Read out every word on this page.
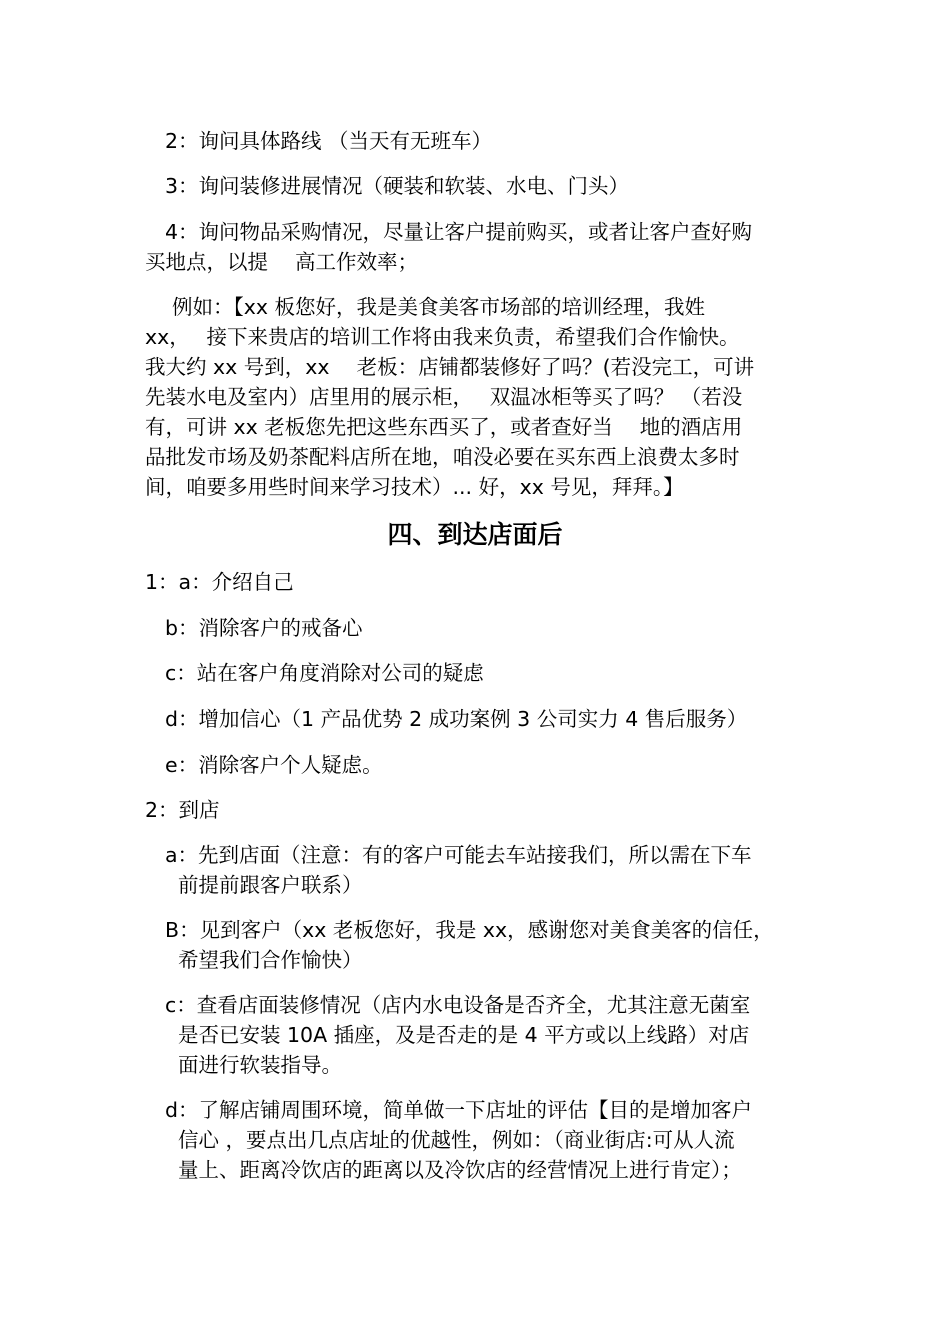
2：询问具体路线 （当天有无班车）

3：询问装修进展情况（硬装和软装、水电、门头）

4：询问物品采购情况，尽量让客户提前购买，或者让客户查好购

买地点，以提　 高工作效率；

例如：【xx 板您好，我是美食美客市场部的培训经理，我姓

xx，　 接下来贵店的培训工作将由我来负责，希望我们合作愉快。

我大约 xx 号到，xx　 老板：店铺都装修好了吗？(若没完工，可讲

先装水电及室内）店里用的展示柜，　 双温冰柜等买了吗？ （若没

有，可讲 xx 老板您先把这些东西买了，或者查好当　 地的酒店用

品批发市场及奶茶配料店所在地，咱没必要在买东西上浪费太多时

间，咱要多用些时间来学习技术）... 好，xx 号见，拜拜。】

四、到达店面后

1：a：介绍自己

b：消除客户的戒备心

c：站在客户角度消除对公司的疑虑

d：增加信心（1 产品优势 2 成功案例 3 公司实力 4 售后服务）

e：消除客户个人疑虑。

2：到店

a：先到店面（注意：有的客户可能去车站接我们，所以需在下车

前提前跟客户联系）

B：见到客户（xx 老板您好，我是 xx，感谢您对美食美客的信任，

希望我们合作愉快）

c：查看店面装修情况（店内水电设备是否齐全，尤其注意无菌室

是否已安装 10A 插座，及是否走的是 4 平方或以上线路）对店

面进行软装指导。

d：了解店铺周围环境，简单做一下店址的评估【目的是增加客户

信心 ，要点出几点店址的优越性，例如：（商业街店:可从人流

量上、距离冷饮店的距离以及冷饮店的经营情况上进行肯定）；
